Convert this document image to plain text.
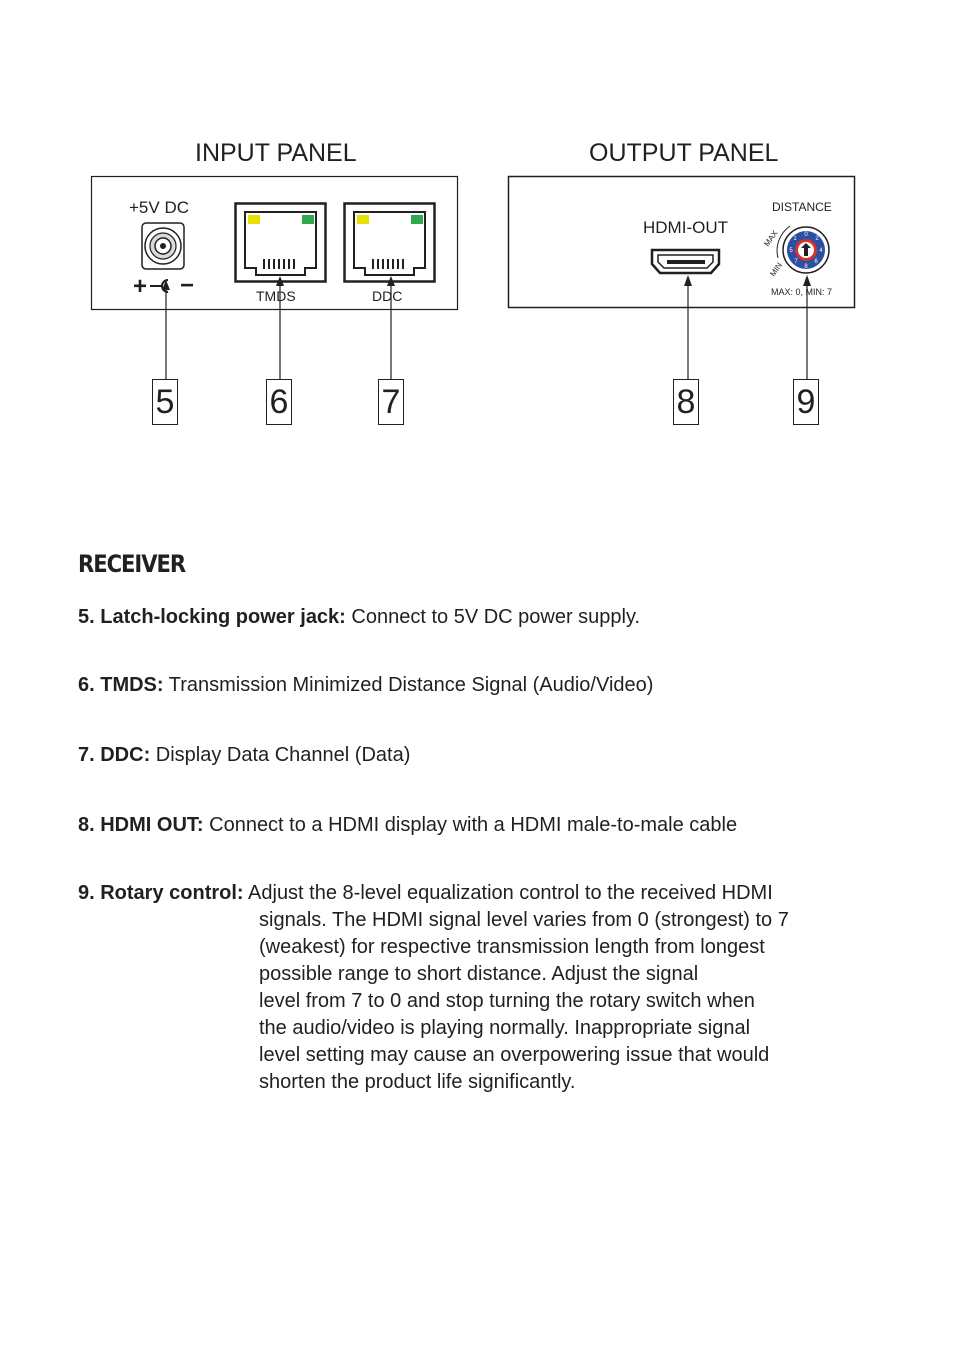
INPUT PANEL	OUTPUT PANEL
+ −
0
2
4
6
8
7
5
1
MAX
MIN
+5V DC
TMDS	DDC
HDMI-OUT
DISTANCE
MAX: 0, MIN: 7
5	6	7	8	9
RECEIVER
5. Latch-locking power jack: Connect to 5V DC power supply.
6. TMDS: Transmission Minimized Distance Signal (Audio/Video)
7. DDC: Display Data Channel (Data)
8. HDMI OUT: Connect to a HDMI display with a HDMI male-to-male cable
9. Rotary control: Adjust the 8-level equalization control to the received HDMI
signals. The HDMI signal level varies from 0 (strongest) to 7
(weakest) for respective transmission length from longest
possible range to short distance. Adjust the signal
level from 7 to 0 and stop turning the rotary switch when
the audio/video is playing normally. Inappropriate signal
level setting may cause an overpowering issue that would
shorten the product life significantly.
